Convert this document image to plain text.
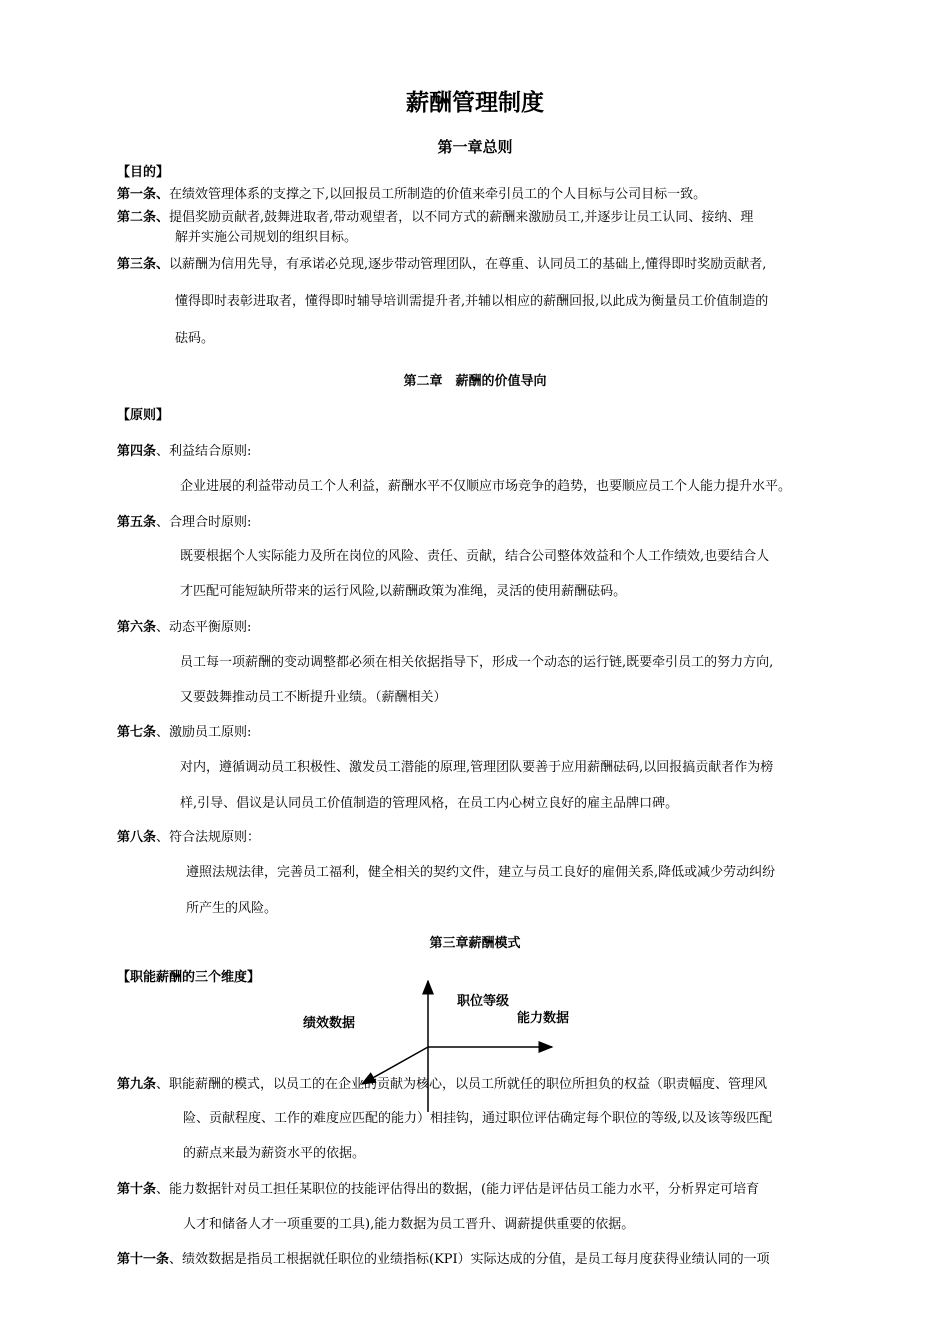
薪酬管理制度
第一章总则
【目的】
第一条、在绩效管理体系的支撑之下,以回报员工所制造的价值来牵引员工的个人目标与公司目标一致。
第二条、提倡奖励贡献者,鼓舞进取者,带动观望者，以不同方式的薪酬来激励员工,并逐步让员工认同、接纳、理
解并实施公司规划的组织目标。
第三条、以薪酬为信用先导，有承诺必兑现,逐步带动管理团队，在尊重、认同员工的基础上,懂得即时奖励贡献者,
懂得即时表彰进取者，懂得即时辅导培训需提升者,并辅以相应的薪酬回报,以此成为衡量员工价值制造的
砝码。
第二章　薪酬的价值导向
【原则】
第四条、利益结合原则:
企业进展的利益带动员工个人利益，薪酬水平不仅顺应市场竞争的趋势，也要顺应员工个人能力提升水平。
第五条、合理合时原则:
既要根据个人实际能力及所在岗位的风险、责任、贡献，结合公司整体效益和个人工作绩效,也要结合人
才匹配可能短缺所带来的运行风险,以薪酬政策为准绳，灵活的使用薪酬砝码。
第六条、动态平衡原则:
员工每一项薪酬的变动调整都必须在相关依据指导下，形成一个动态的运行链,既要牵引员工的努力方向,
又要鼓舞推动员工不断提升业绩。（薪酬相关）
第七条、激励员工原则:
对内，遵循调动员工积极性、激发员工潜能的原理,管理团队要善于应用薪酬砝码,以回报搞贡献者作为榜
样,引导、倡议是认同员工价值制造的管理风格，在员工内心树立良好的雇主品牌口碑。
第八条、符合法规原则：
遵照法规法律，完善员工福利，健全相关的契约文件，建立与员工良好的雇佣关系,降低或减少劳动纠纷
所产生的风险。
第三章薪酬模式
【职能薪酬的三个维度】
职位等级
能力数据
绩效数据
第九条、职能薪酬的模式，以员工的在企业的贡献为核心，以员工所就任的职位所担负的权益（职责幅度、管理风
险、贡献程度、工作的难度应匹配的能力）相挂钩，通过职位评估确定每个职位的等级,以及该等级匹配
的薪点来最为薪资水平的依据。
第十条、能力数据针对员工担任某职位的技能评估得出的数据，(能力评估是评估员工能力水平，分析界定可培育
人才和储备人才一项重要的工具),能力数据为员工晋升、调薪提供重要的依据。
第十一条、绩效数据是指员工根据就任职位的业绩指标(KPI）实际达成的分值，是员工每月度获得业绩认同的一项
